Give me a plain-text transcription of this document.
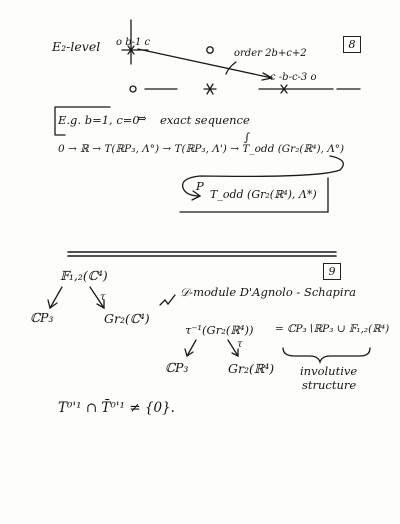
E₂-level o b-1 c
order 2b+c+2
8
c -b-c-3 o
E.g. b=1, c=0
⇒ exact sequence
0 → ℝ → T(ℝP₃, Λ°) → T(ℝP₃, Λ') → T_odd (Gr₂(ℝ⁴), Λ°)
∫
P
T_odd (Gr₂(ℝ⁴), Λ*)
𝔽₁,₂(ℂ⁴)
τ
ℂP₃	Gr₂(ℂ⁴)
𝒟-module D'Agnolo - Schapira
9
τ⁻¹(Gr₂(ℝ⁴)) = ℂP₃∖ℝP₃ ∪ 𝔽₁,₂(ℝ⁴)
τ
ℂP₃	Gr₂(ℝ⁴) involutive
structure
T⁰'¹ ∩ T̄⁰'¹ ≠ {0}.
